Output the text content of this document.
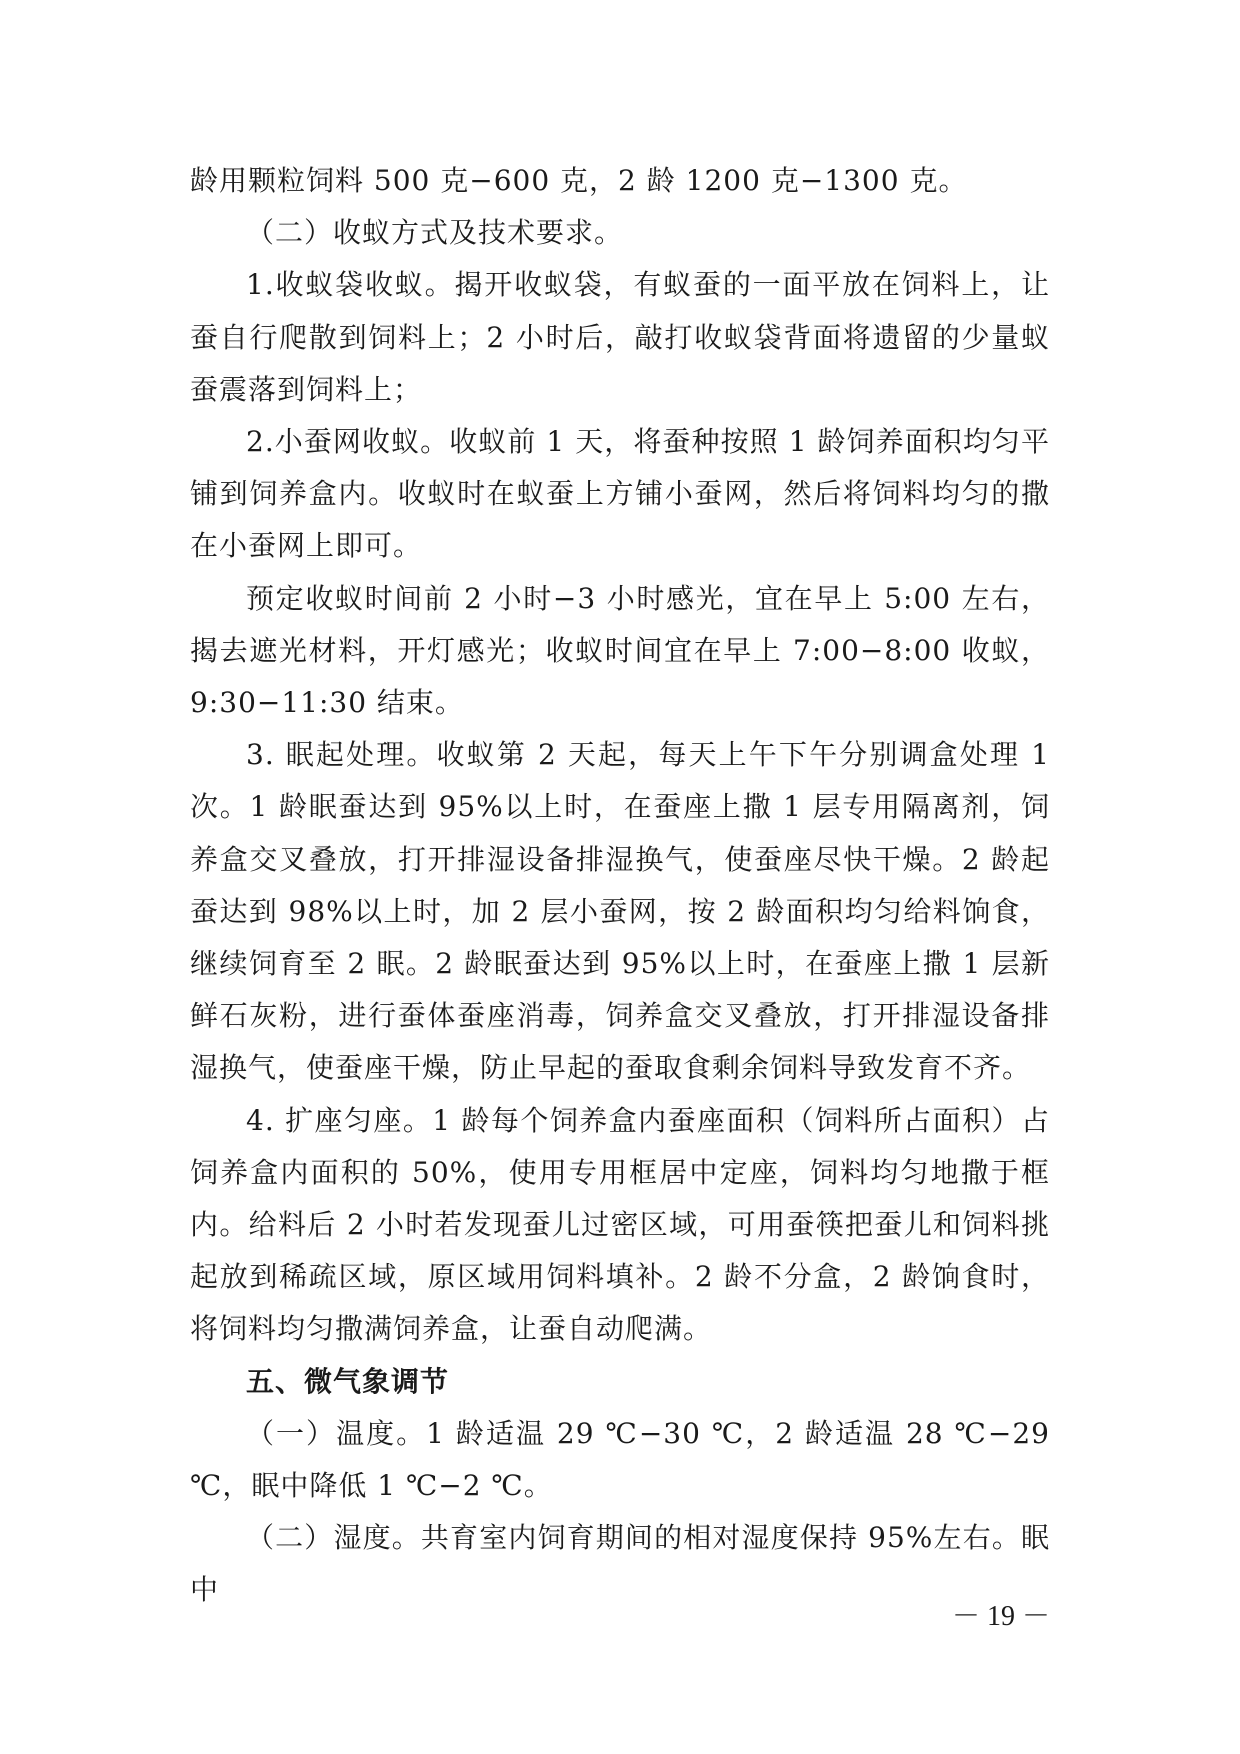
龄用颗粒饲料 500 克−600 克，2 龄 1200 克−1300 克。

（二）收蚁方式及技术要求。

1.收蚁袋收蚁。揭开收蚁袋，有蚁蚕的一面平放在饲料上，让蚕自行爬散到饲料上；2 小时后，敲打收蚁袋背面将遗留的少量蚁蚕震落到饲料上；

2.小蚕网收蚁。收蚁前 1 天，将蚕种按照 1 龄饲养面积均匀平铺到饲养盒内。收蚁时在蚁蚕上方铺小蚕网，然后将饲料均匀的撒在小蚕网上即可。

预定收蚁时间前 2 小时−3 小时感光，宜在早上 5:00 左右，揭去遮光材料，开灯感光；收蚁时间宜在早上 7:00−8:00 收蚁，9:30−11:30 结束。

3. 眠起处理。收蚁第 2 天起，每天上午下午分别调盒处理 1 次。1 龄眠蚕达到 95%以上时，在蚕座上撒 1 层专用隔离剂，饲养盒交叉叠放，打开排湿设备排湿换气，使蚕座尽快干燥。2 龄起蚕达到 98%以上时，加 2 层小蚕网，按 2 龄面积均匀给料饷食，继续饲育至 2 眠。2 龄眠蚕达到 95%以上时，在蚕座上撒 1 层新鲜石灰粉，进行蚕体蚕座消毒，饲养盒交叉叠放，打开排湿设备排湿换气，使蚕座干燥，防止早起的蚕取食剩余饲料导致发育不齐。

4. 扩座匀座。1 龄每个饲养盒内蚕座面积（饲料所占面积）占饲养盒内面积的 50%，使用专用框居中定座，饲料均匀地撒于框内。给料后 2 小时若发现蚕儿过密区域，可用蚕筷把蚕儿和饲料挑起放到稀疏区域，原区域用饲料填补。2 龄不分盒，2 龄饷食时，将饲料均匀撒满饲养盒，让蚕自动爬满。

五、微气象调节

（一）温度。1 龄适温 29 ℃−30 ℃，2 龄适温 28 ℃−29 ℃，眠中降低 1 ℃−2 ℃。

（二）湿度。共育室内饲育期间的相对湿度保持 95%左右。眠中

－ 19 －
